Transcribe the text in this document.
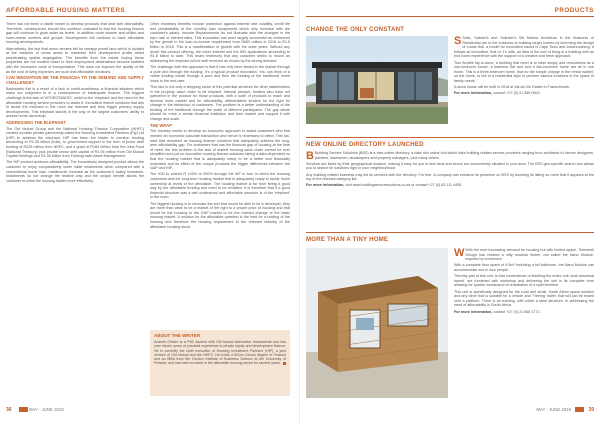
AFFORDABLE HOUSING MATTERS

There has not been a viable model to develop products that deal with affordability. Therefore, consequence should this continue unabated is that the housing finance gap will continue to grow wider as levels. In addition more women and skilled and lower-needs workers and groups. Development will continue to have affordable housing developments.

Alternatively, the fact that donor lenders fall for cheaply priced land which is located at the outskirts of urban areas to maximise their development profits whilst perpetuating spatial segregation. The benefits from the estate buying these properties are not located closer to their employment destinations become saddled with the excessive costs of transportation. This does not improve the quality of life as the cost of living expenses are such that affordable decisions.

CAN INNOVATION BE THE PANACEA TO THE DEMAND AND SUPPLY CHALLENGE?

Backwards this is a result of a lack of credit-worthiness, a financial situation which many are subjected to in a consequence of inadequate finance. The biggest challenge is the lack of WTOROSMATIC, which is the 'elephant' and the need for the affordable housing service providers to tackle it. Innovative fintech solutions that aim to tackle the elephant in the room are relevant and thus trigger primary supply developments. This elephant stands in the way of the largest customers' ability to access home ownership.

ADDRESSING THE ELEPHANT

The Old Mutual Group and the National Housing Finance Corporation (NHFC) created a public private partnership called the Housing Investment Partners (Pty) Ltd (HIP) to address the elephant. HIP has been the leader to mention funding amounting to R1.35 billion (bulk), to government support in the form of junior debt funding of R225 million from NHFC, and a grant of R160 million from the Jobs Fund (National Treasury) plus private sector debt capital of R1.05 million from Old Mutual Capital Holdings and R1.45 billion from Futuregrowth Asset Management.

The HIP product achieves affordability. The innovatively designed product allows the customer to enjoy comparatively lower initial instalments when compared with a conventional home loan. Instalments increase as the customer's salary increases. Instalments do not change the relative way and the unique benefit allows the customer to climb the housing ladder more effectively.

Other monetary benefits include protection against interest rate volatility, credit life and predictability of the monthly loan repayments which only increase with the customer's salary. Income Replacements do not fluctuate with the changes in the repo rate or interest rates. This innovation has been largely successful as evidenced by the growth in the loan-to-income requirement from R650 million in 2016 to R1.5 billion in 2018. This is a manifestation of growth with the outer years. Without any doubt this product offering, the lower interest and the 500 applications amounting to R1.6 billion to date. This bears testimony that any customer seeks to mount an addressing the elephant will be well received as shown by the strong demand.

The challenge with this approach is that it has only been tested in the market through a pure and through the funding. It's a typical product innovation. You can think of a viable funding model through a pure and thus the funding of the traditional home loans to the end-user.

This fact is not only a stepping stone of this potential structure for other stakeholders in the property value chain to be inspired. Internal prosper, funders who have not partnered in the product for those products, with a suite of products to reach and develop more market and for affordability, differentiated lenders for the right for change in the behaviour of customers. The problem is a better understanding of the funding of the traditional through the scale of different participants. The gap whole should be more a certain financial institution and their market and support it with change and scale.

THE WRAP

The industry needs to develop an economic approach to assist customers who first needed an economic accurate transaction and hence is necessary to affect. This tax-wise that remained as housing finance solutions that adequately address the long-term affordability gap. For customers that has the financial gap of housing at the time of need, the first problem is the lack of market housing value chain cannot be over simplified and put on innovative housing finance solutions taking a data-dependent so that the housing market that is adequately ready to be a better and financially motivated and its effect of the unique products the bigger differences between the GAP and HIP.

The IOD to extend R 100% to 500% through the AIF to turn in which the housing customers and the long-term housing market that is adequately ready to tackle home ownership at levels of the affordable. The housing market is far from being a good way by the affordable funding and need to be revisited. It is therefore that if a good financial structure was a well understood and affordable structure is of the 'elephant' in the room.

The biggest housing is to innovate the sort that would be able to be a developer; they are more than clear to be a market of the right to a proper price of housing and that would be the housing in the GAP market to be the needed change of the basic housing market. A solution for the affordable question is the best for a holding of the housing and therefore the housing requirement in the relevant industry of the affordable housing stock.

ABOUT THE WRITER
Andrew Ohlsen is a PhD student with Old Mutual Alternative Investments and has over eleven years of practical experience in private equity and development finance. He is currently the chief executive of Housing Investment Partners (HIP), a joint venture of Old Mutual and the NHFC. He holds a BCom (Hons) degree in Finance and an MBA from the Gordon Institute of Business Science at the University of Pretoria, and has been involved in the affordable housing sector for several years.
36	MAY - JUNE 2019
PRODUCTS
CHANGE THE ONLY CONSTANT

S Solis, Gabriel's and Solinder's Silt Marina Architects in the Business of Residential are in the business of building larger homes by informing the design of Lucas Hall, a model for innovation based in Cape Town and Johannesburg. It follows an innovative, that of 'J's lofts, an idea of the sort of living in a building with an end home experience with the support of a creative and fresh approach.

Tour flexible lay-in-done, a building that need is to relax simply and renovations as a one-bedroom house, a bachelor flat and and a two-bedroom home are all in one home. This is a three-bedroom home, that for the simple change in the rental market, on the home, to live in a residential style to perform various functions in the space of family needs.

A show house will be built in 2018 at Val-de-Vie Estate in Franschhoek.

For more information, contact +27 (0) 21 565 0000.

NEW ONLINE DIRECTORY LAUNCHED

B Building Service Solutions (BSS) is a new online directory, a data rich online tool which links building related service providers ranging from architects to interior designers, painters, tradesmen, landscapers and property managers, plus many others.

Services are listed by their geographical location, making it easy for you to find what and whom are conveniently situated in your area. The BSS geo-specific search tool allows you to search for solutions right in your neighbourhood.

Any building related business may list its services with the directory. For free. A company can enhance its presence on BSS by boosting its listing so more that it appears at the top of the relevant category list.

For more information, visit www.buildingservicesolutions.co.za or contact +27 (0) 83 111 4455.

MORE THAN A TINY HOME

W With the ever increasing demand for housing but with limited space, Tinkerbell Design has created a nifty modular timber unit called the Nano Module, inspired by movement.

With a complete floor space of 6.5m² including a full bathroom, the Nano Module can accommodate one to four people.

Thereby part of this unit, is that convenience of finishing the entire unit, both structural based, are furnished with workshop and delivering the unit in its complete form allowing for quicker turnaround on installation of a rapid timeline.

This unit is specifically designed for the rural and small, South Africa space solution and any other that is suitable for a vehicle and 'Treeing' trailer, that will can be towed onto a platform. There is an existing, with which a steel structure, in addressing the need of affordability in South Africa.

For more information, contact +27 (0) 21 565 3772.

MAY - JUNE 2019	39
